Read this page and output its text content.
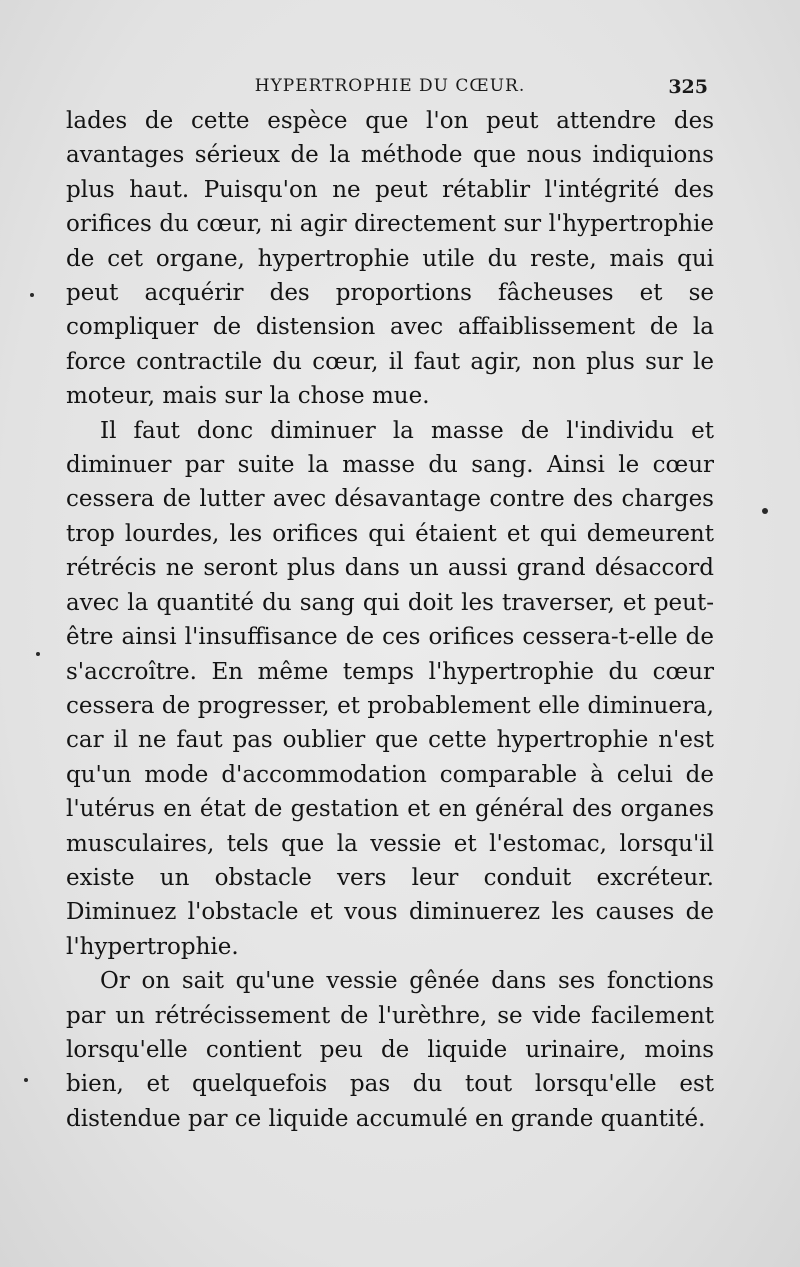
HYPERTROPHIE DU CŒUR.	325

lades de cette espèce que l'on peut attendre des avantages sérieux de la méthode que nous indiquions plus haut. Puisqu'on ne peut rétablir l'intégrité des orifices du cœur, ni agir directement sur l'hypertrophie de cet organe, hypertrophie utile du reste, mais qui peut acquérir des proportions fâcheuses et se compliquer de distension avec affaiblissement de la force contractile du cœur, il faut agir, non plus sur le moteur, mais sur la chose mue.

Il faut donc diminuer la masse de l'individu et diminuer par suite la masse du sang. Ainsi le cœur cessera de lutter avec désavantage contre des charges trop lourdes, les orifices qui étaient et qui demeurent rétrécis ne seront plus dans un aussi grand désaccord avec la quantité du sang qui doit les traverser, et peut-être ainsi l'insuffisance de ces orifices cessera-t-elle de s'accroître. En même temps l'hypertrophie du cœur cessera de progresser, et probablement elle diminuera, car il ne faut pas oublier que cette hypertrophie n'est qu'un mode d'accommodation comparable à celui de l'utérus en état de gestation et en général des organes musculaires, tels que la vessie et l'estomac, lorsqu'il existe un obstacle vers leur conduit excréteur. Diminuez l'obstacle et vous diminuerez les causes de l'hypertrophie.

Or on sait qu'une vessie gênée dans ses fonctions par un rétrécissement de l'urèthre, se vide facilement lorsqu'elle contient peu de liquide urinaire, moins bien, et quelquefois pas du tout lorsqu'elle est distendue par ce liquide accumulé en grande quantité.
